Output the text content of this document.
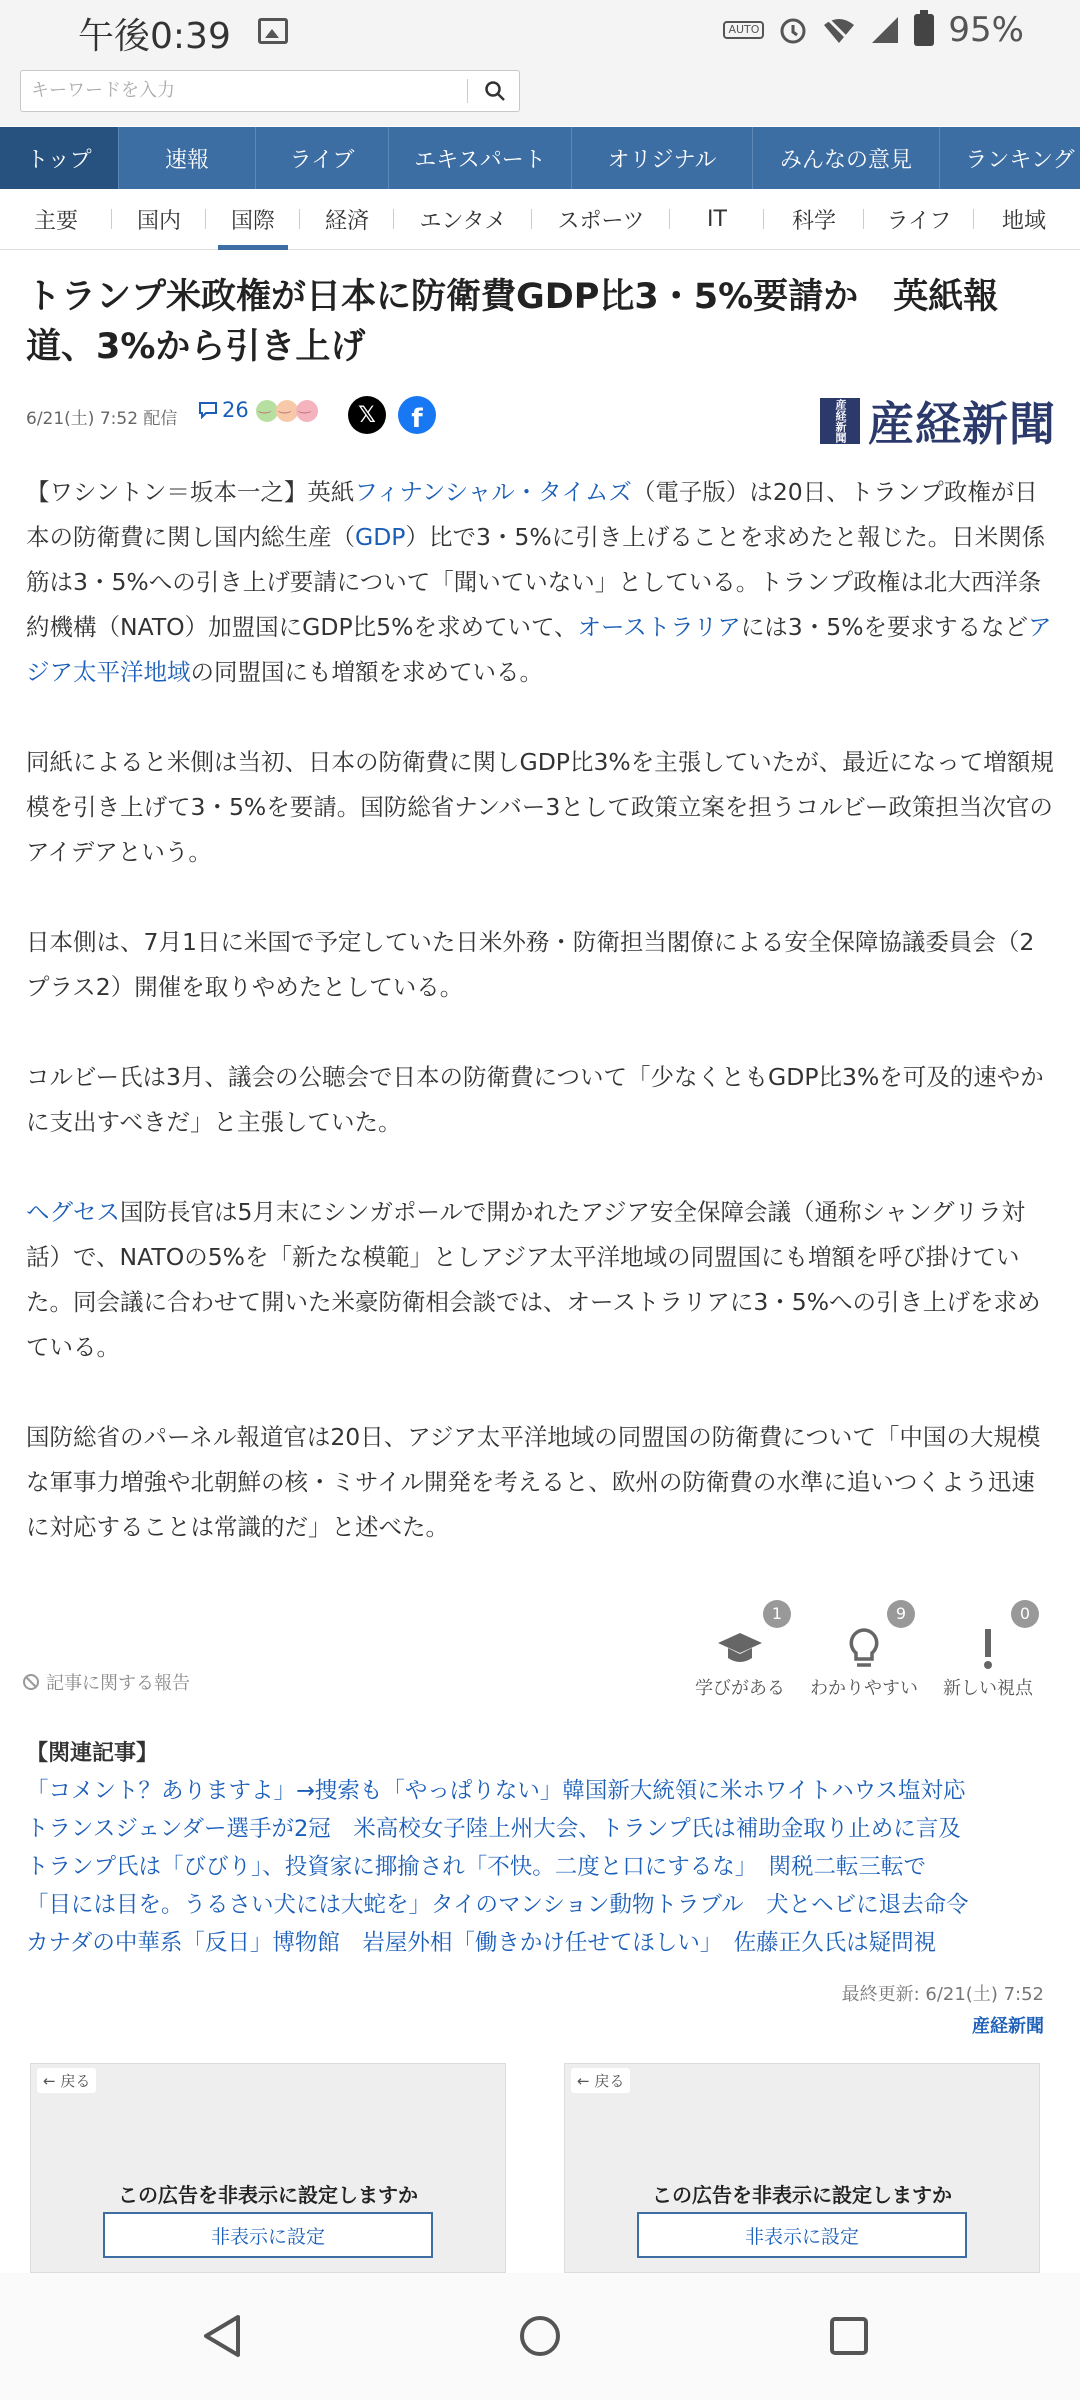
午後0:39	AUTO	95%
キーワードを入力
トップ	速報	ライブ	エキスパート	オリジナル	みんなの意見 ランキング
主要	国内 国際 経済 エンタメ スポーツ	IT	科学 ライフ 地域
トランプ米政権が日本に防衛費GDP比3・5%要請か　英紙報道、3%から引き上げ
6/21(土) 7:52 配信 26 ‿ ‿ ‿	𝕏	f	産経新聞 産経新聞

【ワシントン＝坂本一之】英紙フィナンシャル・タイムズ（電子版）は20日、トランプ政権が日本の防衛費に関し国内総生産（GDP）比で3・5%に引き上げることを求めたと報じた。日米関係筋は3・5%への引き上げ要請について「聞いていない」としている。トランプ政権は北大西洋条約機構（NATO）加盟国にGDP比5%を求めていて、オーストラリアには3・5%を要求するなどアジア太平洋地域の同盟国にも増額を求めている。

同紙によると米側は当初、日本の防衛費に関しGDP比3%を主張していたが、最近になって増額規模を引き上げて3・5%を要請。国防総省ナンバー3として政策立案を担うコルビー政策担当次官のアイデアという。

日本側は、7月1日に米国で予定していた日米外務・防衛担当閣僚による安全保障協議委員会（2プラス2）開催を取りやめたとしている。

コルビー氏は3月、議会の公聴会で日本の防衛費について「少なくともGDP比3%を可及的速やかに支出すべきだ」と主張していた。

ヘグセス国防長官は5月末にシンガポールで開かれたアジア安全保障会議（通称シャングリラ対話）で、NATOの5%を「新たな模範」としアジア太平洋地域の同盟国にも増額を呼び掛けていた。同会議に合わせて開いた米豪防衛相会談では、オーストラリアに3・5%への引き上げを求めている。

国防総省のパーネル報道官は20日、アジア太平洋地域の同盟国の防衛費について「中国の大規模な軍事力増強や北朝鮮の核・ミサイル開発を考えると、欧州の防衛費の水準に追いつくよう迅速に対応することは常識的だ」と述べた。

記事に関する報告
1
学びがある
9
わかりやすい
0
新しい視点
【関連記事】
「コメント？ありますよ」→捜索も「やっぱりない」韓国新大統領に米ホワイトハウス塩対応
トランスジェンダー選手が2冠　米高校女子陸上州大会、トランプ氏は補助金取り止めに言及
トランプ氏は「びびり」、投資家に揶揄され「不快。二度と口にするな」　関税二転三転で
「目には目を。うるさい犬には大蛇を」タイのマンション動物トラブル　犬とヘビに退去命令
カナダの中華系「反日」博物館　岩屋外相「働きかけ任せてほしい」　佐藤正久氏は疑問視
最終更新: 6/21(土) 7:52
産経新聞
← 戻る
この広告を非表示に設定しますか
非表示に設定
← 戻る
この広告を非表示に設定しますか
非表示に設定
